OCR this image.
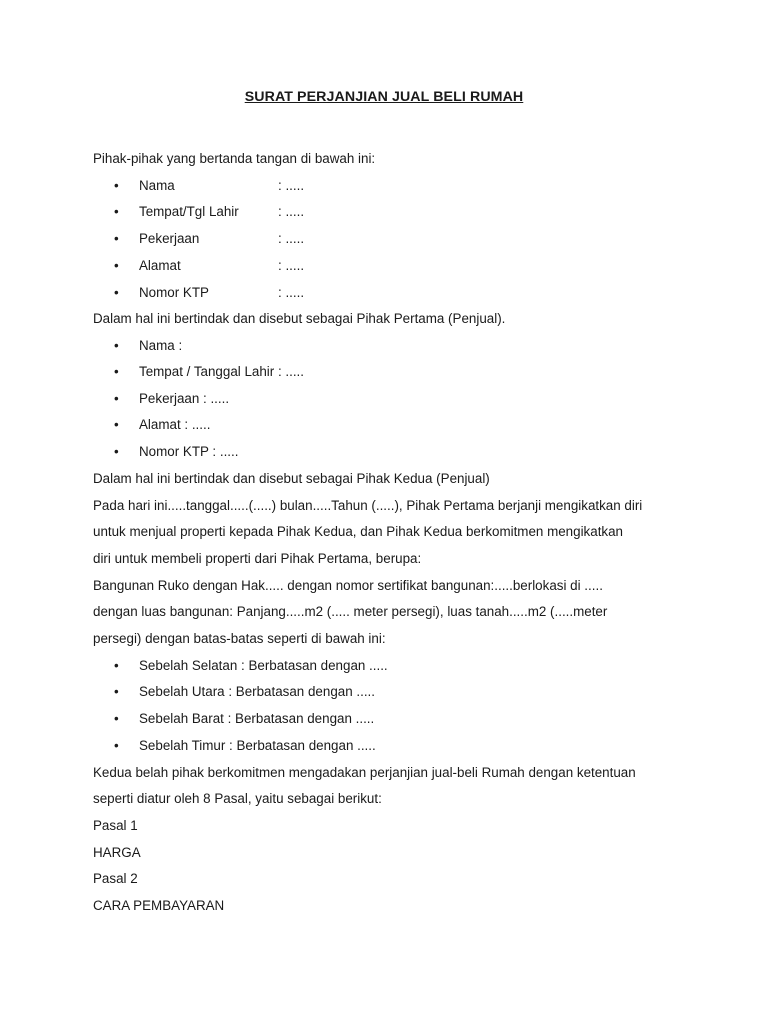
SURAT PERJANJIAN JUAL BELI RUMAH
Pihak-pihak yang bertanda tangan di bawah ini:
• Nama	: .....
• Tempat/Tgl Lahir	: .....
• Pekerjaan	: .....
• Alamat	: .....
• Nomor KTP	: .....
Dalam hal ini bertindak dan disebut sebagai Pihak Pertama (Penjual).
• Nama :
• Tempat / Tanggal Lahir : .....
• Pekerjaan : .....
• Alamat : .....
• Nomor KTP : .....
Dalam hal ini bertindak dan disebut sebagai Pihak Kedua (Penjual)
Pada hari ini.....tanggal.....(.....) bulan.....Tahun (.....), Pihak Pertama berjanji mengikatkan diri
untuk menjual properti kepada Pihak Kedua, dan Pihak Kedua berkomitmen mengikatkan
diri untuk membeli properti dari Pihak Pertama, berupa:
Bangunan Ruko dengan Hak..... dengan nomor sertifikat bangunan:.....berlokasi di .....
dengan luas bangunan: Panjang.....m2 (..... meter persegi), luas tanah.....m2 (.....meter
persegi) dengan batas-batas seperti di bawah ini:
• Sebelah Selatan : Berbatasan dengan .....
• Sebelah Utara : Berbatasan dengan .....
• Sebelah Barat : Berbatasan dengan .....
• Sebelah Timur : Berbatasan dengan .....
Kedua belah pihak berkomitmen mengadakan perjanjian jual-beli Rumah dengan ketentuan
seperti diatur oleh 8 Pasal, yaitu sebagai berikut:
Pasal 1
HARGA
Pasal 2
CARA PEMBAYARAN
